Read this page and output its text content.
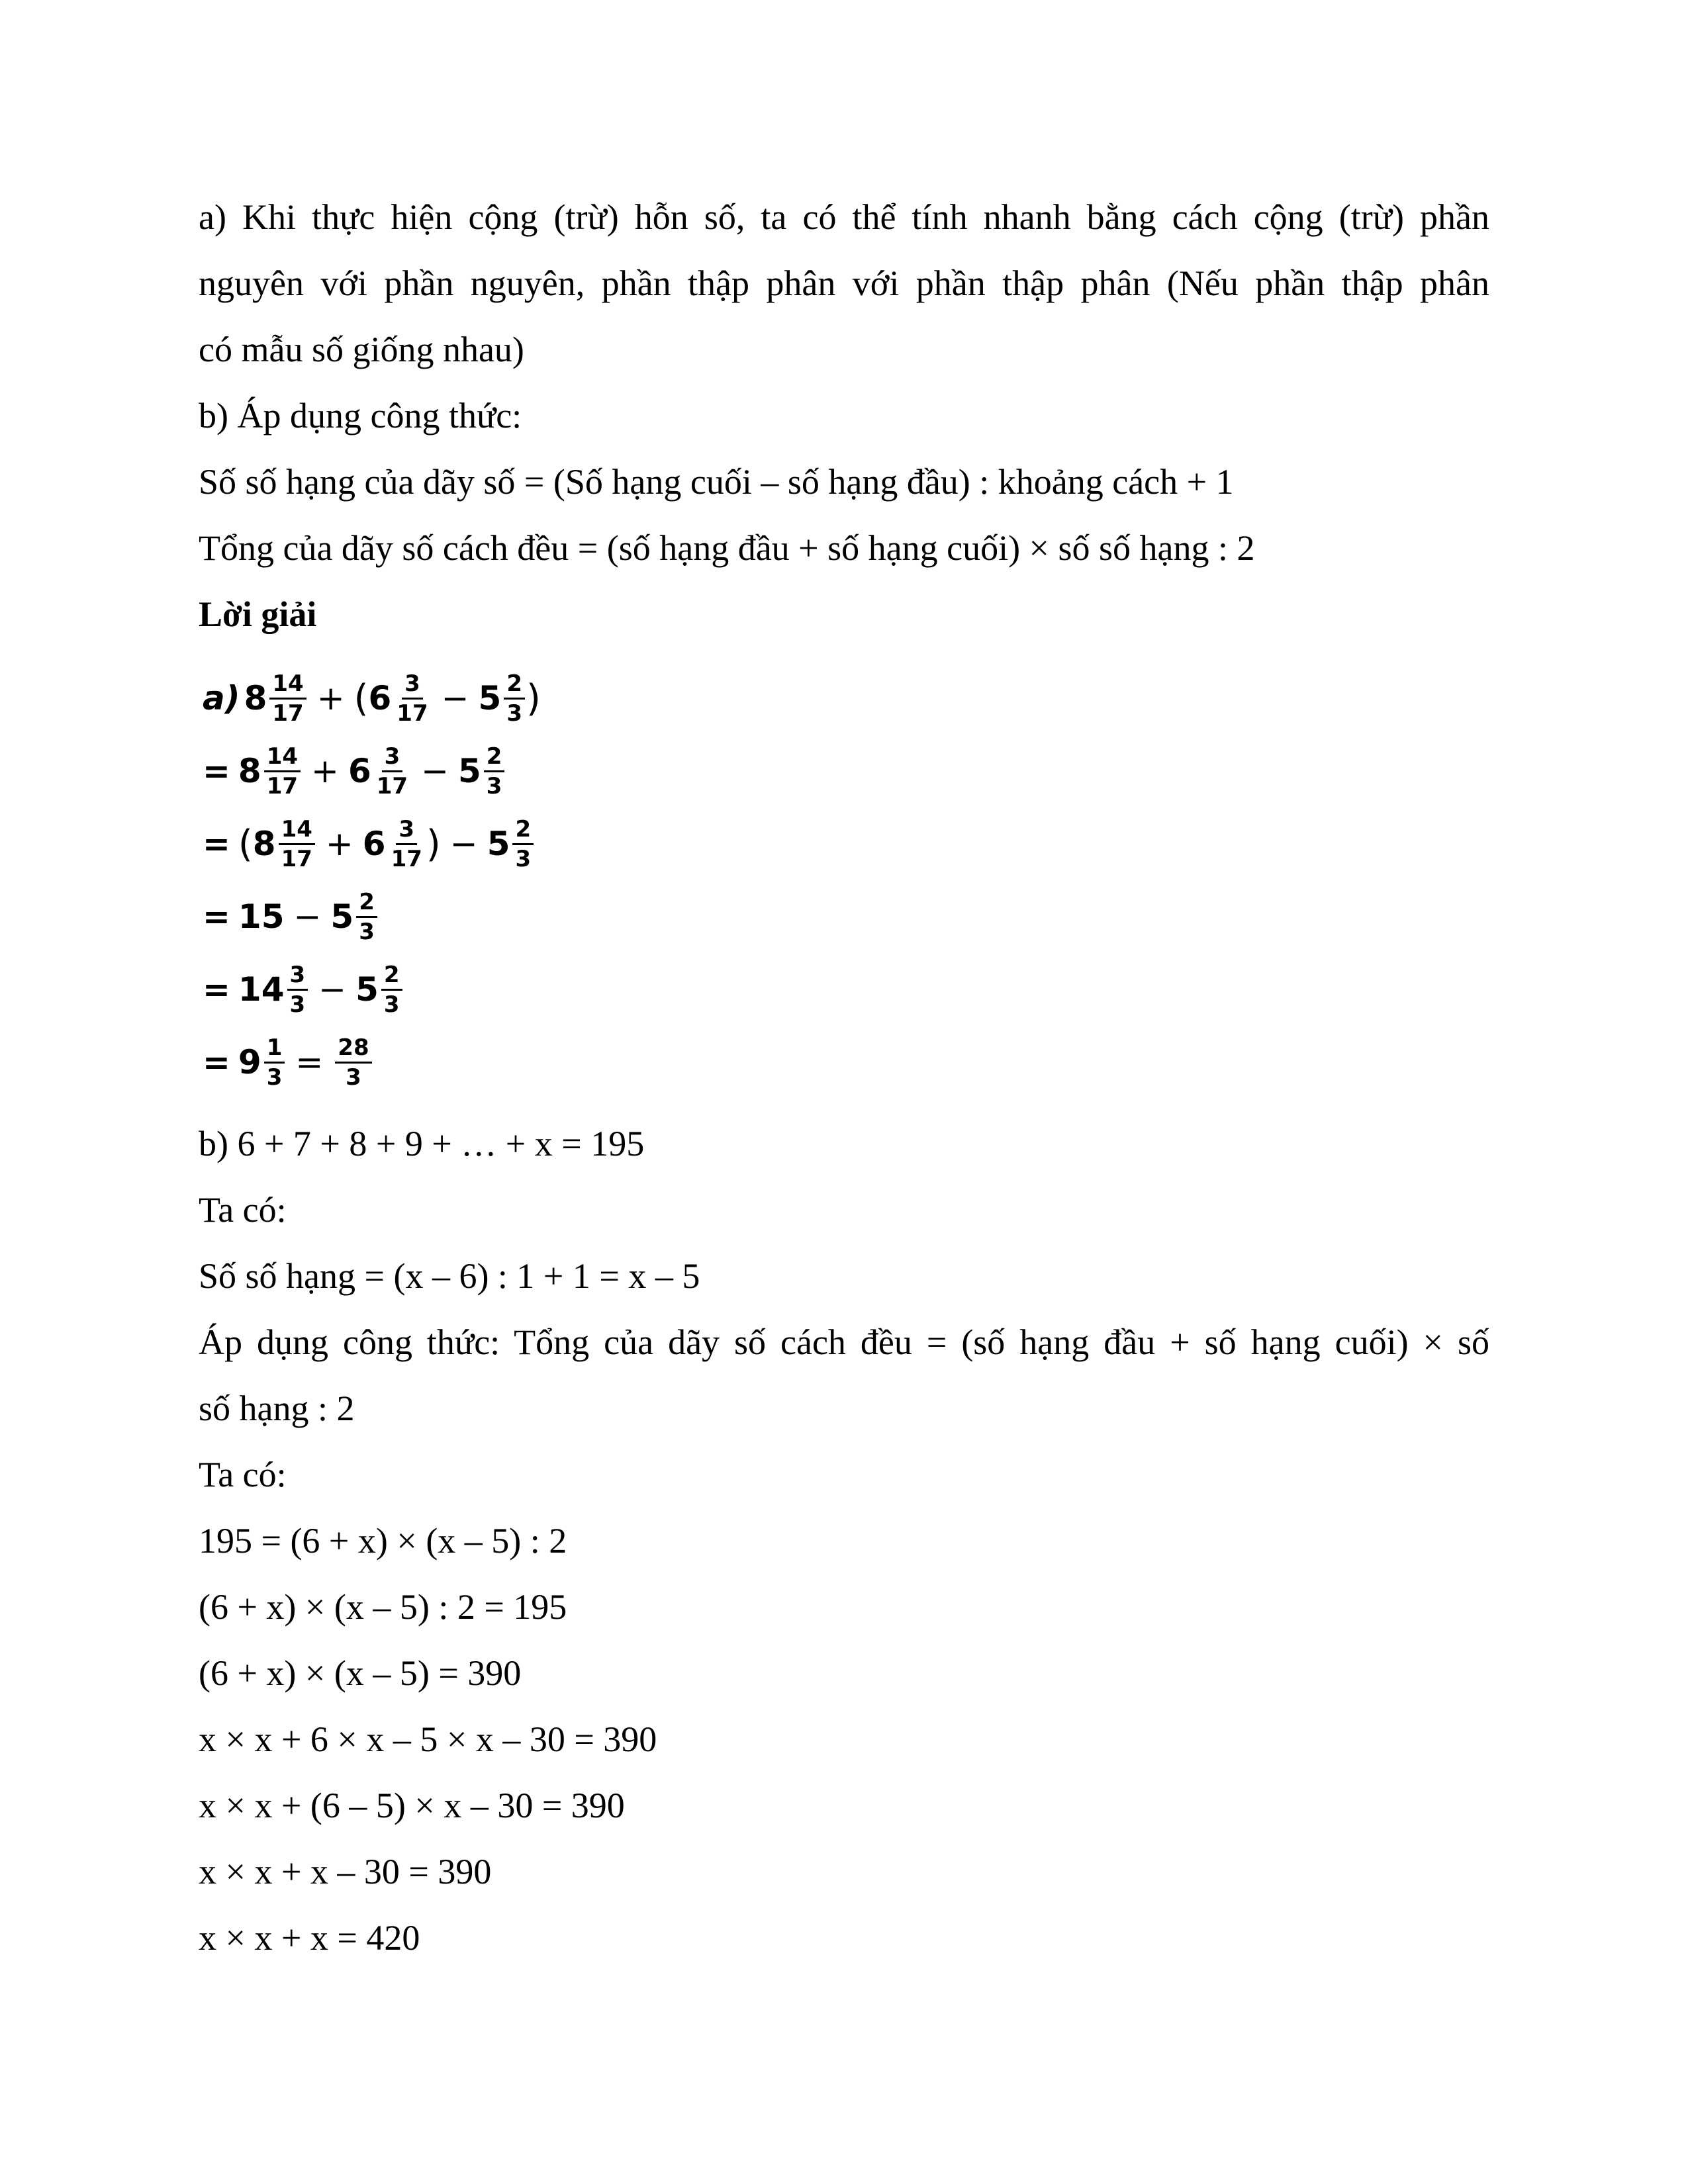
a) Khi thực hiện cộng (trừ) hỗn số, ta có thể tính nhanh bằng cách cộng (trừ) phần
nguyên với phần nguyên, phần thập phân với phần thập phân (Nếu phần thập phân
có mẫu số giống nhau)
b) Áp dụng công thức:
Số số hạng của dãy số = (Số hạng cuối – số hạng đầu) : khoảng cách + 1
Tổng của dãy số cách đều = (số hạng đầu + số hạng cuối) × số số hạng : 2
Lời giải
a) $8 \frac{14}{17}$ + ( $6 \frac{3}{17} - 5 \frac{2}{3}$ )
= $8 \frac{14}{17} + 6 \frac{3}{17} - 5 \frac{2}{3}$
= ( $8 \frac{14}{17} + 6 \frac{3}{17}$ ) − $5 \frac{2}{3}$
= $15 - 5 \frac{2}{3}$
= $14 \frac{3}{3} - 5 \frac{2}{3}$
= $9 \frac{1}{3} = \frac{28}{3}$
b) 6 + 7 + 8 + 9 + … + x = 195
Ta có:
Số số hạng = (x – 6) : 1 + 1 = x – 5
Áp dụng công thức: Tổng của dãy số cách đều = (số hạng đầu + số hạng cuối) × số
số hạng : 2
Ta có:
195 = (6 + x) × (x – 5) : 2
(6 + x) × (x – 5) : 2 = 195
(6 + x) × (x – 5) = 390
x × x + 6 × x – 5 × x – 30 = 390
x × x + (6 – 5) × x – 30 = 390
x × x + x – 30 = 390
x × x + x = 420
